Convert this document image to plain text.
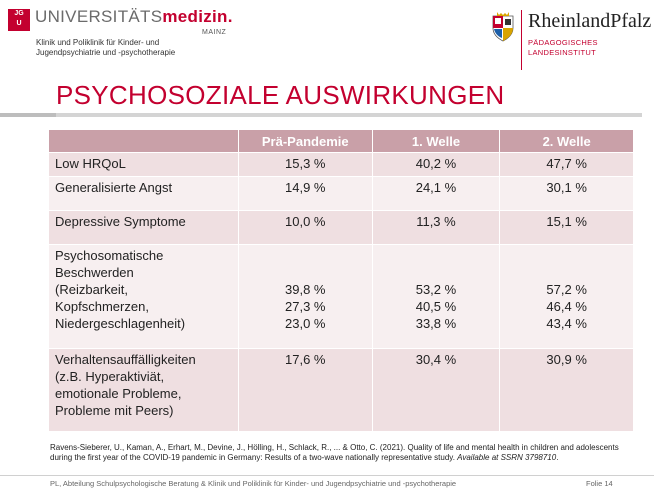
JG
U UNIVERSITÄTSmedizin.
MAINZ
Klinik und Poliklinik für Kinder- und
Jugendpsychiatrie und -psychotherapie
RheinlandPfalz
PÄDAGOGISCHES
LANDESINSTITUT
PSYCHOSOZIALE AUSWIRKUNGEN
	Prä-Pandemie	1. Welle	2. Welle

Low HRQoL	15,3 %	40,2 %	47,7 %

Generalisierte Angst	14,9 %	24,1 %	30,1 %

Depressive Symptome	10,0 %	11,3 %	15,1 %

Psychosomatische
Beschwerden
(Reizbarkeit,
Kopfschmerzen,
Niedergeschlagenheit)	39,8 %
27,3 %
23,0 %	53,2 %
40,5 %
33,8 %	57,2 %
46,4 %
43,4 %

Verhaltensauffälligkeiten
(z.B. Hyperaktiviät,
emotionale Probleme,
Probleme mit Peers)	17,6 %	30,4 %	30,9 %
Ravens-Sieberer, U., Kaman, A., Erhart, M., Devine, J., Hölling, H., Schlack, R., ... & Otto, C. (2021). Quality of life and mental health in children and adolescents during the first year of the COVID-19 pandemic in Germany: Results of a two-wave nationally representative study. Available at SSRN 3798710.
PL, Abteilung Schulpsychologische Beratung & Klinik und Poliklinik für Kinder- und Jugendpsychiatrie und -psychotherapie	Folie 14
